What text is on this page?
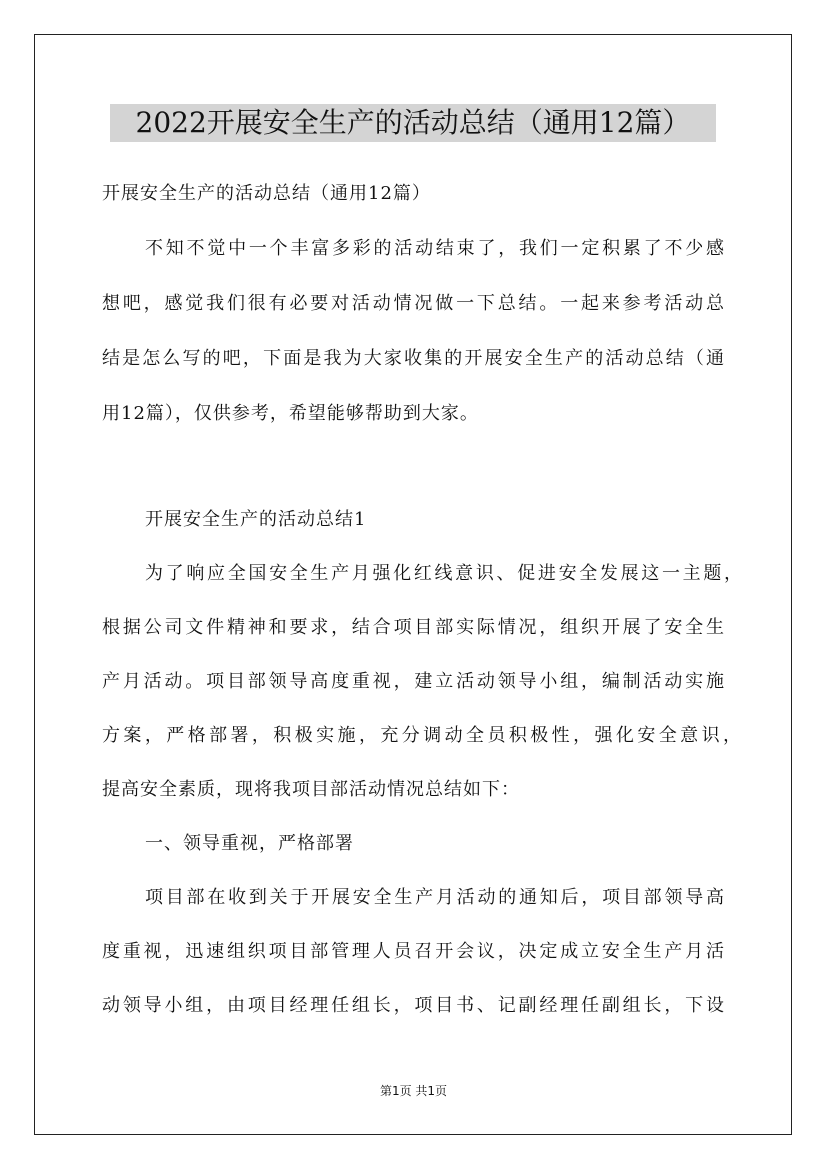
2022开展安全生产的活动总结（通用12篇）
开展安全生产的活动总结（通用12篇）
不知不觉中一个丰富多彩的活动结束了，我们一定积累了不少感
想吧，感觉我们很有必要对活动情况做一下总结。一起来参考活动总
结是怎么写的吧，下面是我为大家收集的开展安全生产的活动总结（通
用12篇），仅供参考，希望能够帮助到大家。
开展安全生产的活动总结1
为了响应全国安全生产月强化红线意识、促进安全发展这一主题，
根据公司文件精神和要求，结合项目部实际情况，组织开展了安全生
产月活动。项目部领导高度重视，建立活动领导小组，编制活动实施
方案，严格部署，积极实施，充分调动全员积极性，强化安全意识，
提高安全素质，现将我项目部活动情况总结如下：
一、领导重视，严格部署
项目部在收到关于开展安全生产月活动的通知后，项目部领导高
度重视，迅速组织项目部管理人员召开会议，决定成立安全生产月活
动领导小组，由项目经理任组长，项目书、记副经理任副组长，下设
第1页 共1页
